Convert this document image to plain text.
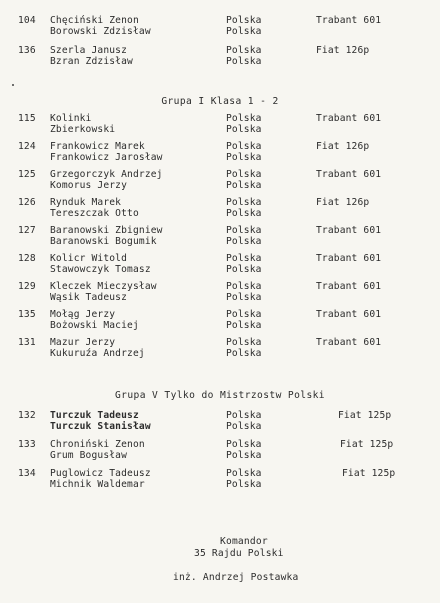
104 Chęciński Zenon	Polska	Trabant 601
Borowski Zdzisław	Polska
136 Szerla Janusz	Polska	Fiat 126p
Bzran Zdzisław	Polska
Grupa I Klasa 1 - 2
115 Kolinki	Polska	Trabant 601
Zbierkowski	Polska
124 Frankowicz Marek	Polska	Fiat 126p
Frankowicz Jarosław	Polska
125 Grzegorczyk Andrzej	Polska	Trabant 601
Komorus Jerzy	Polska
126 Rynduk Marek	Polska	Fiat 126p
Tereszczak Otto	Polska
127 Baranowski Zbigniew	Polska	Trabant 601
Baranowski Bogumik	Polska
128 Kolicr Witold	Polska	Trabant 601
Stawowczyk Tomasz	Polska
129 Kleczek Mieczysław	Polska	Trabant 601
Wąsik Tadeusz	Polska
135 Mołąg Jerzy	Polska	Trabant 601
Bożowski Maciej	Polska
131 Mazur Jerzy	Polska	Trabant 601
Kukuruźa Andrzej	Polska
Grupa V Tylko do Mistrzostw Polski
132 Turczuk Tadeusz	Polska	Fiat 125p
Turczuk Stanisław	Polska
133 Chroniński Zenon	Polska	Fiat 125p
Grum Bogusław	Polska
134 Puglowicz Tadeusz	Polska	Fiat 125p
Michnik Waldemar	Polska
Komandor
35 Rajdu Polski
inż. Andrzej Postawka
